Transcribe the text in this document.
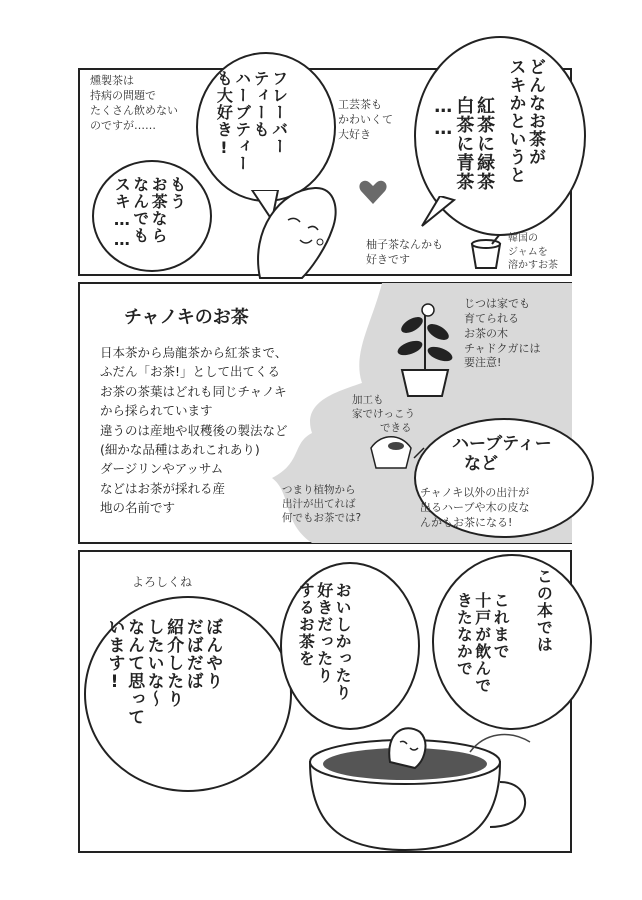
燻製茶は
持病の問題で
たくさん飲めない
のですが……	フレーバー
ティーも
ハーブティー
も大好き!	工芸茶も
かわいくて
大好き	どんなお茶が
スキかというと
紅茶に緑茶
白茶に青茶
……
もう
お茶なら
なんでも
スキ……	柚子茶なんかも
好きです
韓国の
ジャムを
溶かすお茶
チャノキのお茶
日本茶から烏龍茶から紅茶まで、
ふだん「お茶!」として出てくる
お茶の茶葉はどれも同じチャノキ
から採られています
違うのは産地や収穫後の製法など
(細かな品種はあれこれあり)
ダージリンやアッサム
などはお茶が採れる産
地の名前です
じつは家でも
育てられる
お茶の木
チャドクガには
要注意!
加工も
家でけっこう
できる
つまり植物から
出汁が出てれば
何でもお茶では?
ハーブティー
など
チャノキ以外の出汁が
出るハーブや木の皮な
んかもお茶になる!
よろしくね
ぼんやり
だばだば
紹介したり
したいな〜
なんて思って
います!	おいしかったり
好きだったり
するお茶を	この本では
これまで
十戸が飲んで
きたなかで
